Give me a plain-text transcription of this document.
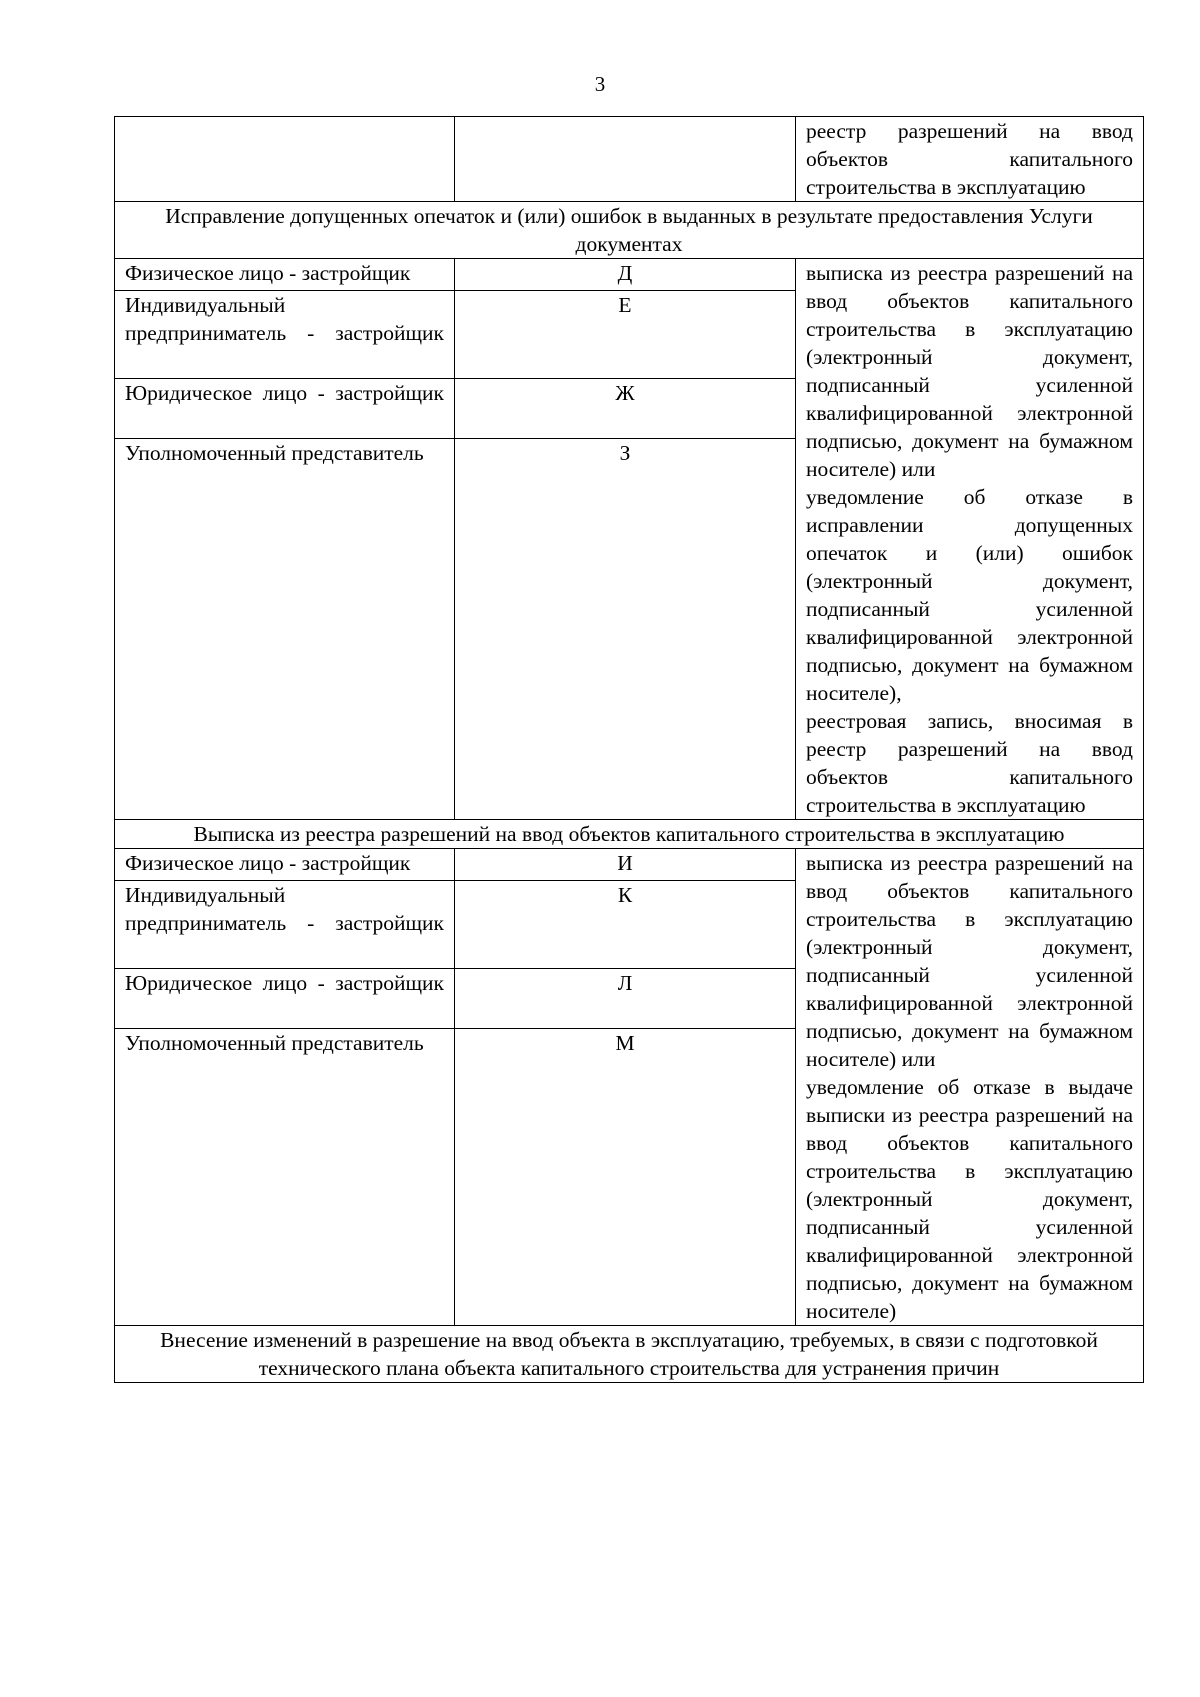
3
		реестр разрешений на ввод объектов капитального строительства в эксплуатацию
Исправление допущенных опечаток и (или) ошибок в выданных в результате предоставления Услуги документах		
Физическое лицо - застройщик	Д	выписка из реестра разрешений на ввод объектов капитального строительства в эксплуатацию (электронный документ, подписанный усиленной квалифицированной электронной подписью, документ на бумажном носителе) или

уведомление об отказе в исправлении допущенных опечаток и (или) ошибок (электронный документ, подписанный усиленной квалифицированной электронной подписью, документ на бумажном носителе),

реестровая запись, вносимая в реестр разрешений на ввод объектов капитального строительства в эксплуатацию

Индивидуальный предприниматель - застройщик	Е	
Юридическое лицо - застройщик	Ж	
Уполномоченный представитель	З	
Выписка из реестра разрешений на ввод объектов капитального строительства в эксплуатацию		
Физическое лицо - застройщик	И	выписка из реестра разрешений на ввод объектов капитального строительства в эксплуатацию (электронный документ, подписанный усиленной квалифицированной электронной подписью, документ на бумажном носителе) или

уведомление об отказе в выдаче выписки из реестра разрешений на ввод объектов капитального строительства в эксплуатацию (электронный документ, подписанный усиленной квалифицированной электронной подписью, документ на бумажном носителе)

Индивидуальный предприниматель - застройщик	К	
Юридическое лицо - застройщик	Л	
Уполномоченный представитель	М	
Внесение изменений в разрешение на ввод объекта в эксплуатацию, требуемых, в связи с подготовкой технического плана объекта капитального строительства для устранения причин		
